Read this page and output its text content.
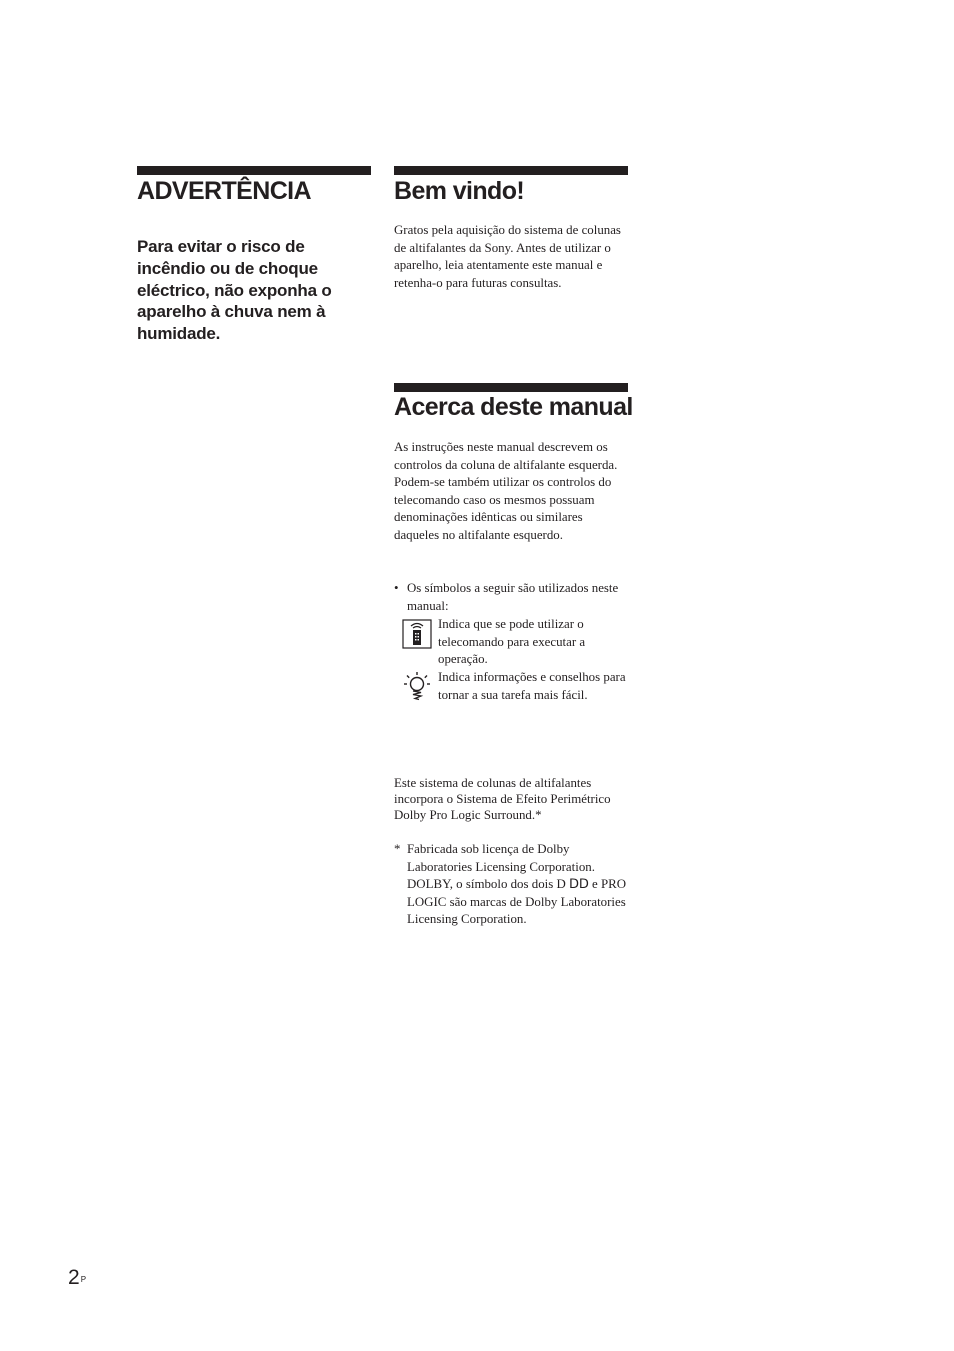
ADVERTÊNCIA

Para evitar o risco de incêndio ou de choque eléctrico, não exponha o aparelho à chuva nem à humidade.

Bem vindo!

Gratos pela aquisição do sistema de colunas de altifalantes da Sony. Antes de utilizar o aparelho, leia atentamente este manual e retenha-o para futuras consultas.

Acerca deste manual

As instruções neste manual descrevem os controlos da coluna de altifalante esquerda. Podem-se também utilizar os controlos do telecomando caso os mesmos possuam denominações idênticas ou similares daqueles no altifalante esquerdo.

• Os símbolos a seguir são utilizados neste manual:
Indica que se pode utilizar o telecomando para executar a operação.
Indica informações e conselhos para tornar a sua tarefa mais fácil.

Este sistema de colunas de altifalantes incorpora o Sistema de Efeito Perimétrico Dolby Pro Logic Surround.*

* Fabricada sob licença de Dolby Laboratories Licensing Corporation. DOLBY, o símbolo dos dois D ⅮⅮ e PRO LOGIC são marcas de Dolby Laboratories Licensing Corporation.
$2^P$
